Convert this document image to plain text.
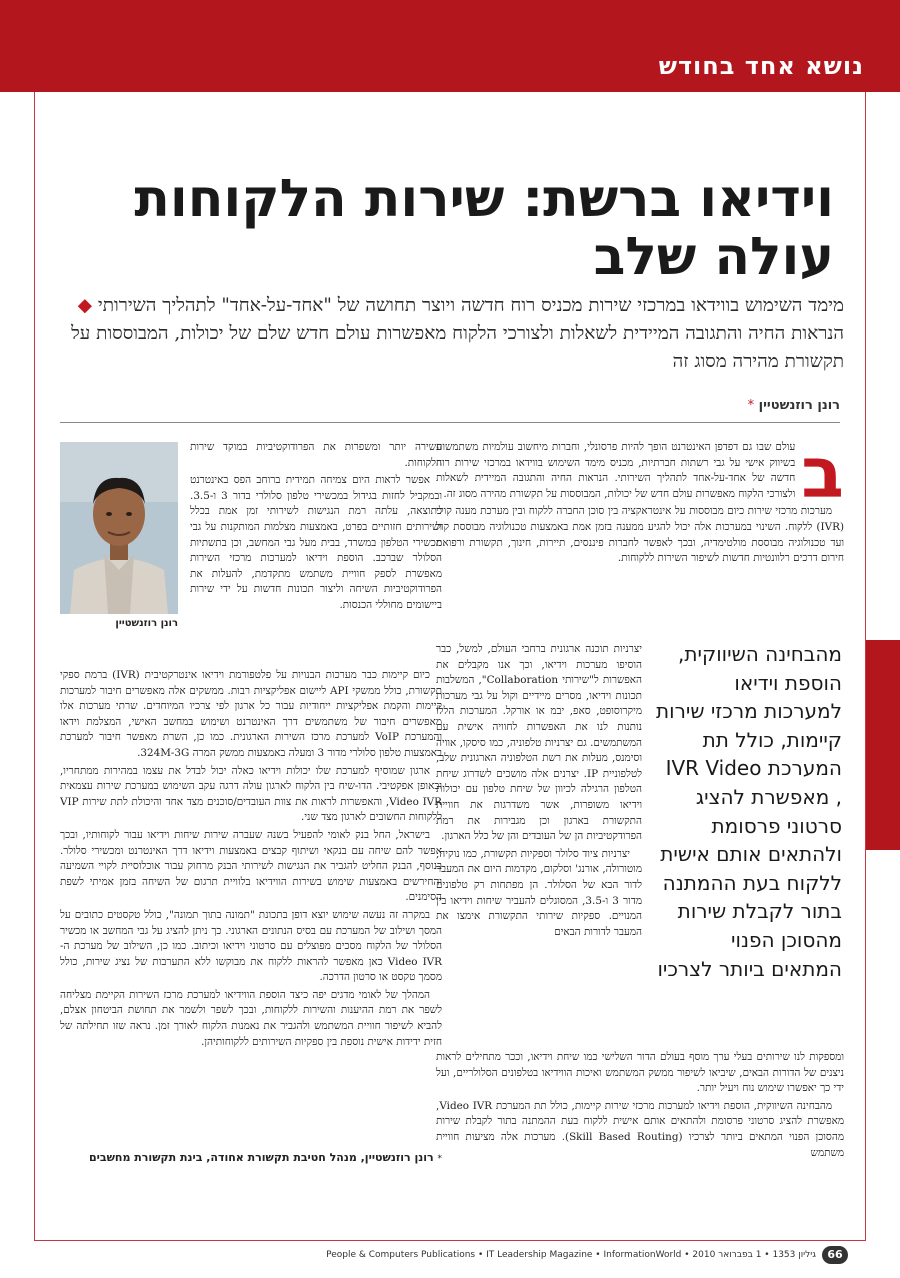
נושא אחד בחודש
וידיאו ברשת: שירות הלקוחות
עולה שלב
מימד השימוש בווידאו במרכזי שירות מכניס רוח חדשה ויוצר תחושה של "אחד-על-אחד" לתהליך השירותי ◆ הנראות החיה והתגובה המיידית לשאלות ולצורכי הלקוח מאפשרות עולם חדש שלם של יכולות, המבוססות על תקשורת מהירה מסוג זה
רונן רוזנשטיין *
ב

עולם שבו גם דפדפן האינטרנט הופך להיות פרסונלי, וחברות מיחשוב עולמיות משתמשות בשיווק אישי על גבי רשתות חברתיות, מכניס מימד השימוש בווידאו במרכזי שירות רוח חדשה של אחד-על-אחד לתהליך השירותי. הנראות החיה והתגובה המיידית לשאלות ולצורכי הלקוח מאפשרות עולם חדש של יכולות, המבוססות על תקשורת מהירה מסוג זה.

מערכות מרכזי שירות כיום מבוססות על אינטראקציה בין סוכן החברה ללקוח ובין מערכת מענה קולי (IVR) ללקוח. השינוי במערכות אלה יכול להגיע ממענה בזמן אמת באמצעות טכנולוגיה מבוססת קול ועד טכנולוגיה מבוססת מולטימדיה, ובכך לאפשר לחברות פיננסים, תיירות, חינוך, תקשורת ורפואת חירום דרכים רלוונטיות חדשות לשיפור השירות ללקוחות.

יצרניות תוכנה ארגונית ברחבי העולם, למשל, כבר הוסיפו מערכות וידיאו, וכך אנו מקבלים את האפשרות ל"שירותי Collaboration", המשלבות תכונות וידיאו, מסרים מיידיים וקול על גבי מערכות מיקרוסופט, סאפ, יבמ או אורקל. המערכות הללו נותנות לנו את האפשרות לחוויה אישית עם המשתמשים. גם יצרניות טלפוניה, כמו סיסקו, אוויה וסימנס, מעלות את רשת הטלפוניה הארגונית שלב, לטלפוניית IP. יצרנים אלה מושכים לשדרוג שיחת הטלפון הרגילה לכיוון של שיחת טלפון עם יכולות וידיאו משופרות, אשר משדרגות את חוויית התקשורת בארגון וכן מגבירות את רמת הפרודקטיביות הן של העובדים והן של כלל הארגון.

יצרניות ציוד סלולר וספקיות תקשורת, כמו נוקיה, מוטורולה, אורנג' וסלקום, מקדמות היום את המעבר לדור הבא של הסלולר. הן מפתחות רק טלפונים מדור 3 ו-3.5, המסוגלים להעביר שיחות וידיאו בין המנויים. ספקיות שירותי התקשורת אימצו את המעבר לדורות הבאים

מהבחינה השיווקית, הוספת וידיאו למערכות מרכזי שירות קיימות, כולל תת המערכת IVR Video , מאפשרת להציג סרטוני פרסומת ולהתאים אותם אישית ללקוח בעת ההמתנה בתור לקבלת שירות מהסוכן הפנוי המתאים ביותר לצרכיו

ומספקות לנו שירותים בעלי ערך מוסף בעולם הדור השלישי כמו שיחת וידיאו, וככר מתחילים לראות ניצנים של הדורות הבאים, שיביאו לשיפור ממשק המשתמש ואיכות הווידיאו בטלפונים הסלולריים, ועל ידי כך יאפשרו שימוש נוח ויעיל יותר.

מהבחינה השיווקית, הוספת וידיאו למערכות מרכזי שירות קיימות, כולל תת המערכת Video IVR, מאפשרת להציג סרטוני פרסומת ולהתאים אותם אישית ללקוח בעת ההמתנה בתור לקבלת שירות מהסוכן הפנוי המתאים ביותר לצרכיו (Skill Based Routing). מערכות אלה מציעות חוויית משתמש

רונן רוזנשטיין

עשירה יותר ומשפרות את הפרודוקטיביות במוקד שירות הלקוחות.

אפשר לראות היום צמיחה תמידית ברוחב הפס באינטרנט ובמקביל לחזות בגידול במכשירי טלפון סלולרי בדור 3 ו-3.5. כתוצאה, עלתה רמת הנגישות לשירותי זמן אמת בכלל ושירותים חזותיים בפרט, באמצעות מצלמות המותקנות על גבי מכשירי הטלפון במשרד, בבית מעל גבי המחשב, וכן בתשתיות הסלולר שברכב. הוספת וידיאו למערכות מרכזי השירות מאפשרת לספק חוויית משתמש מתקדמת, להעלות את הפרודוקטיביות השיחה וליצור תכונות חדשות על ידי שירות ביישומים מחוללי הכנסות.

כיום קיימות כבר מערכות הבנויות על פלטפורמת וידיאו אינטרקטיבית (IVR) ברמת ספקי תקשורת, כולל ממשקי API ליישום אפליקציות רבות. ממשקים אלה מאפשרים חיבור למערכות קיימות והקמת אפליקציות ייחודיות עבור כל ארגון לפי צרכיו המיוחדים. שרתי מערכות אלו מאפשרים חיבור של משתמשים דרך האינטרנט ושימוש במחשב האישי, המצלמת וידאו והמערכת VoIP למערכת מרכז השירות הארגונית. כמו כן, השרת מאפשר חיבור למערכת באמצעות טלפון סלולרי מדור 3 ומעלה באמצעות ממשק המרה 324M-3G.

ארגון שמוסיף למערכת שלו יכולות וידיאו כאלה יכול לבדל את עצמו במהירות ממתחריו, ובאופן אפקטיבי. הדו-שיח בין הלקוח לארגון עולה דרגה עקב השימוש במערכת שירות עצמאית Video IVR, והאפשרות לראות את צוות העובדים/סוכנים מצד אחד והיכולת לתת שירות VIP ללקוחות החשובים לארגון מצד שני.

בישראל, החל בנק לאומי להפעיל בשנה שעברה שירות שיחות וידיאו עבור לקוחותיו, ובכך אפשר להם שיחה עם בנקאי ושיתוף קבצים באמצעות וידיאו דרך האינטרנט ומכשירי סלולר. בנוסף, הבנק החליט להגביר את הנגישות לשירותי הבנק מרחוק עבור אוכלוסיית לקויי השמיעה והחירשים באמצעות שימוש בשירות הווידיאו בלוויית תרגום של השיחה בזמן אמיתי לשפת הסימנים.

במקרה זה נעשה שימוש יוצא דופן בתכונת "תמונה בתוך תמונה", כולל טקסטים כתובים על המסך ושילוב של המערכת עם בסיס הנתונים הארגוני. כך ניתן להציג על גבי המחשב או מכשיר הסלולר של הלקוח מסכים מפוצלים עם סרטוני וידיאו וכיתוב. כמו כן, השילוב של מערכת ה-Video IVR כאן מאפשר להראות ללקוח את מבוקשו ללא התערבות של נציג שירות, כולל מסמך טקסט או סרטון הדרכה.

המהלך של לאומי מדגים יפה כיצד הוספת הווידיאו למערכת מרכז השירות הקיימת מצליחה לשפר את רמת ההיענות והשירות ללקוחות, ובכך לשפר ולשמר את תחושת הביטחון אצלם, להביא לשיפור חוויית המשתמש ולהגביר את נאמנות הלקוח לאורך זמן. נראה שזו תחילתה של חזית ידידות אישית נוספת בין ספקיות השירותים ללקוחותיהן.

* רונן רוזנשטיין, מנהל חטיבת תקשורת אחודה, בינת תקשורת מחשבים
66
גיליון 1353 • 1 בפברואר 2010 • People & Computers Publications • IT Leadership Magazine • InformationWorld
